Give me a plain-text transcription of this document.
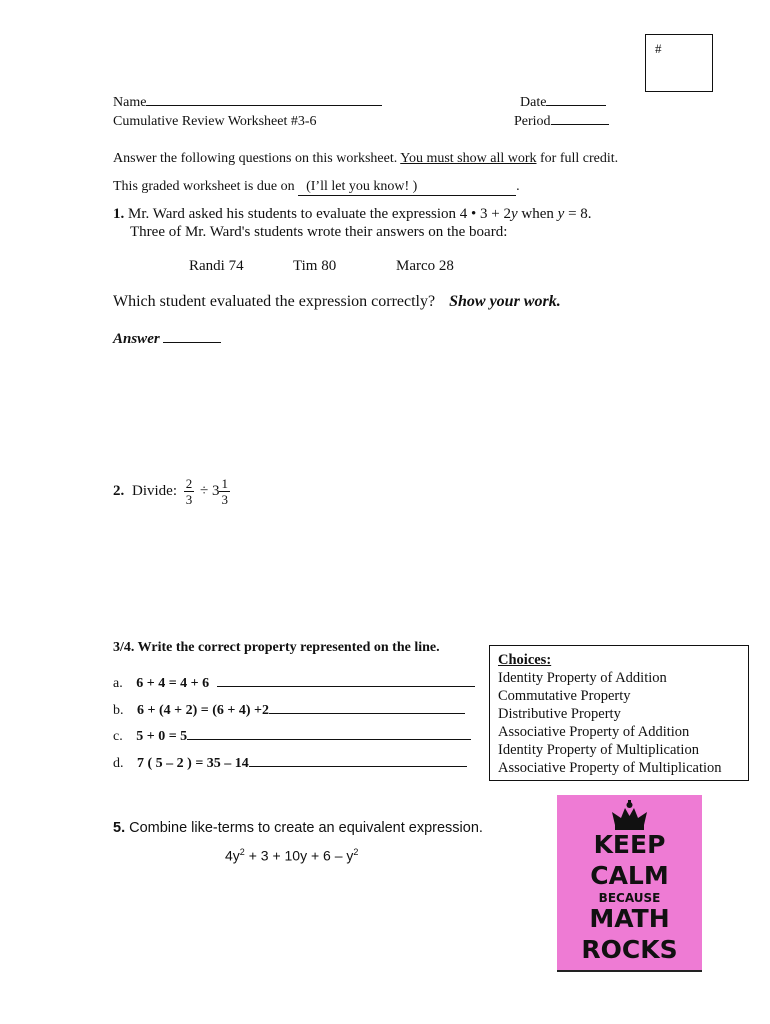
#
Name	Date
Cumulative Review Worksheet #3-6	Period
Answer the following questions on this worksheet. You must show all work for full credit.
This graded worksheet is due on (I’ll let you know! )	.
1. Mr. Ward asked his students to evaluate the expression 4 • 3 + 2y when y = 8.
Three of Mr. Ward's students wrote their answers on the board:
Randi 74	Tim 80	Marco 28
Which student evaluated the expression correctly? Show your work.
Answer
2. Divide: $\frac{2}{3} \div 3 \frac{1}{3}$
3/4. Write the correct property represented on the line.
a. 6 + 4 = 4 + 6
b. 6 + (4 + 2) = (6 + 4) +2
c. 5 + 0 = 5
d. 7 ( 5 – 2 ) = 35 – 14
Choices:
Identity Property of Addition
Commutative Property
Distributive Property
Associative Property of Addition
Identity Property of Multiplication
Associative Property of Multiplication
5. Combine like-terms to create an equivalent expression.
$4y^2 + 3 + 10y + 6 - y^2$	KEEP
CALM
BECAUSE
MATH
ROCKS
